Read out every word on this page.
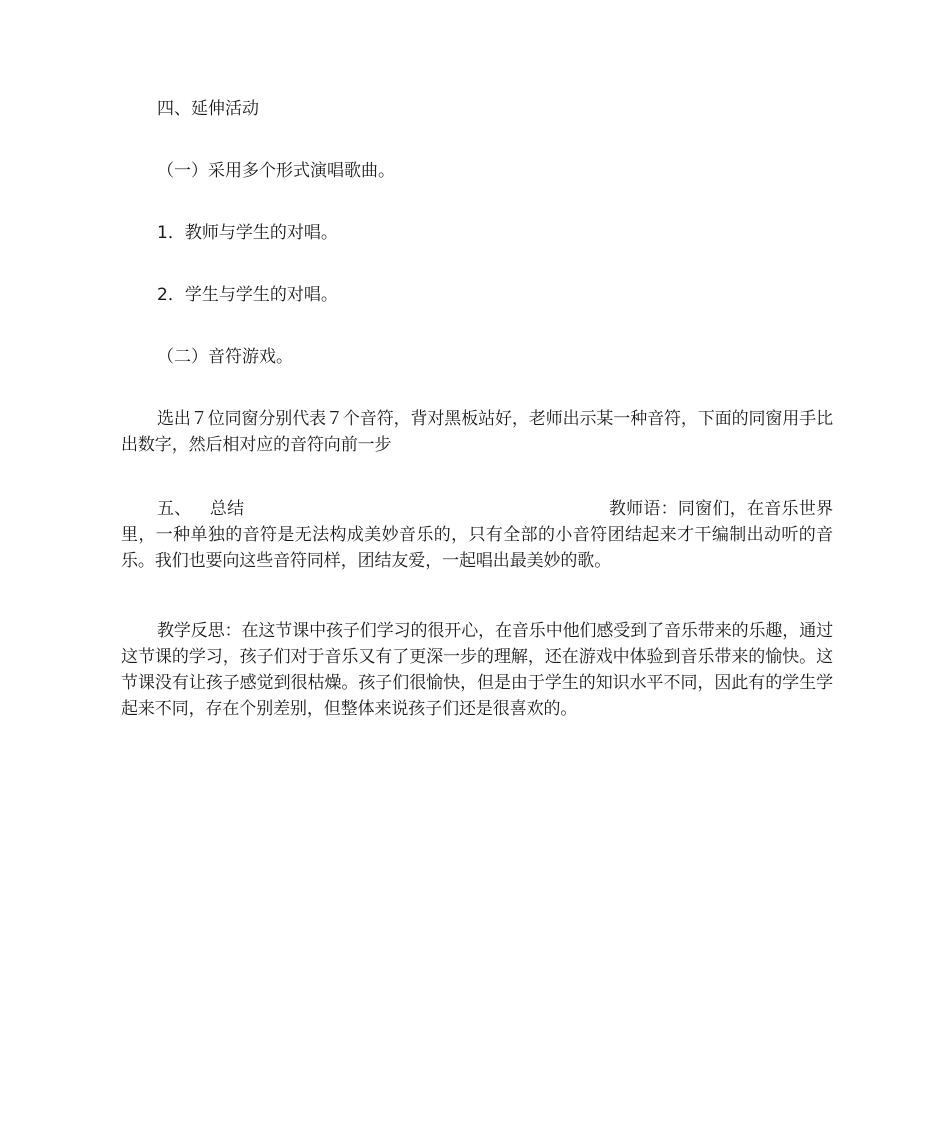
四、延伸活动

（一）采用多个形式演唱歌曲。

1．教师与学生的对唱。

2．学生与学生的对唱。

（二）音符游戏。

选出７位同窗分别代表７个音符，背对黑板站好，老师出示某一种音符，下面的同窗用手比出数字，然后相对应的音符向前一步

五、 总结	教师语：同窗们，在音乐世界里，一种单独的音符是无法构成美妙音乐的，只有全部的小音符团结起来才干编制出动听的音乐。我们也要向这些音符同样，团结友爱，一起唱出最美妙的歌。

教学反思：在这节课中孩子们学习的很开心，在音乐中他们感受到了音乐带来的乐趣，通过这节课的学习，孩子们对于音乐又有了更深一步的理解，还在游戏中体验到音乐带来的愉快。这节课没有让孩子感觉到很枯燥。孩子们很愉快，但是由于学生的知识水平不同，因此有的学生学起来不同，存在个别差别，但整体来说孩子们还是很喜欢的。
